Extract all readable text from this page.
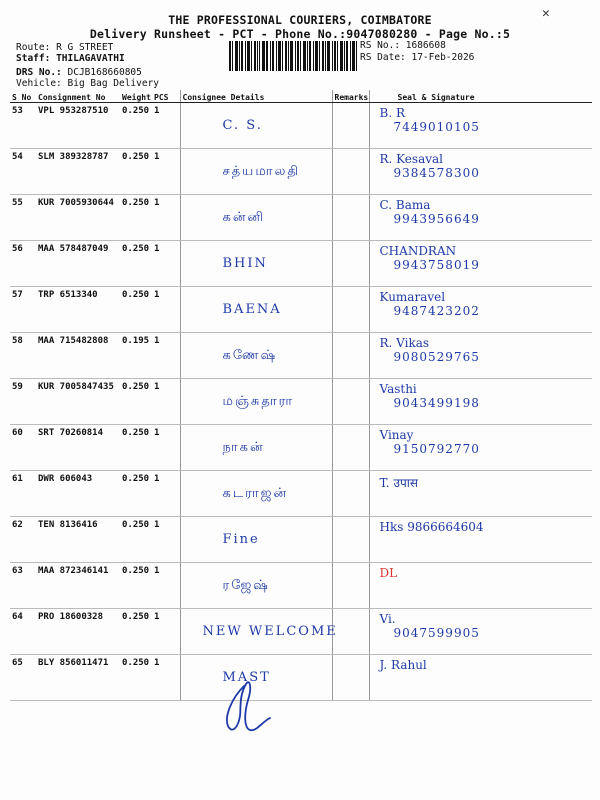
✕
THE PROFESSIONAL COURIERS, COIMBATORE
Delivery Runsheet - PCT - Phone No.:9047080280 - Page No.:5
Route: R G STREET
Staff: THILAGAVATHI
DRS No.: DCJB168660805
Vehicle: Big Bag Delivery
RS No.: 1686608
RS Date: 17-Feb-2026
S No	Consignment No	Weight	PCS	Consignee Details	Remarks	Seal & Signature
53	VPL 953287510	0.250	1	C. S.		B. R
7449010105

54	SLM 389328787	0.250	1	சத்யமாலதி		R. Kesaval
9384578300

55	KUR 7005930644	0.250	1	கன்னி		C. Bama
9943956649

56	MAA 578487049	0.250	1	BHIN		CHANDRAN
9943758019

57	TRP 6513340	0.250	1	BAENA		Kumaravel
9487423202

58	MAA 715482808	0.195	1	கணேஷ்		R. Vikas
9080529765

59	KUR 7005847435	0.250	1	மஞ்சுதாரா		Vasthi
9043499198

60	SRT 70260814	0.250	1	நாகன்		Vinay
9150792770

61	DWR 606043	0.250	1	கடராஜன்		T. उपास

62	TEN 8136416	0.250	1	Fine		Hks 9866664604

63	MAA 872346141	0.250	1	ரஜேஷ்		DL

64	PRO 18600328	0.250	1	NEW WELCOME		Vi.
9047599905

65	BLY 856011471	0.250	1	MAST		J. Rahul
